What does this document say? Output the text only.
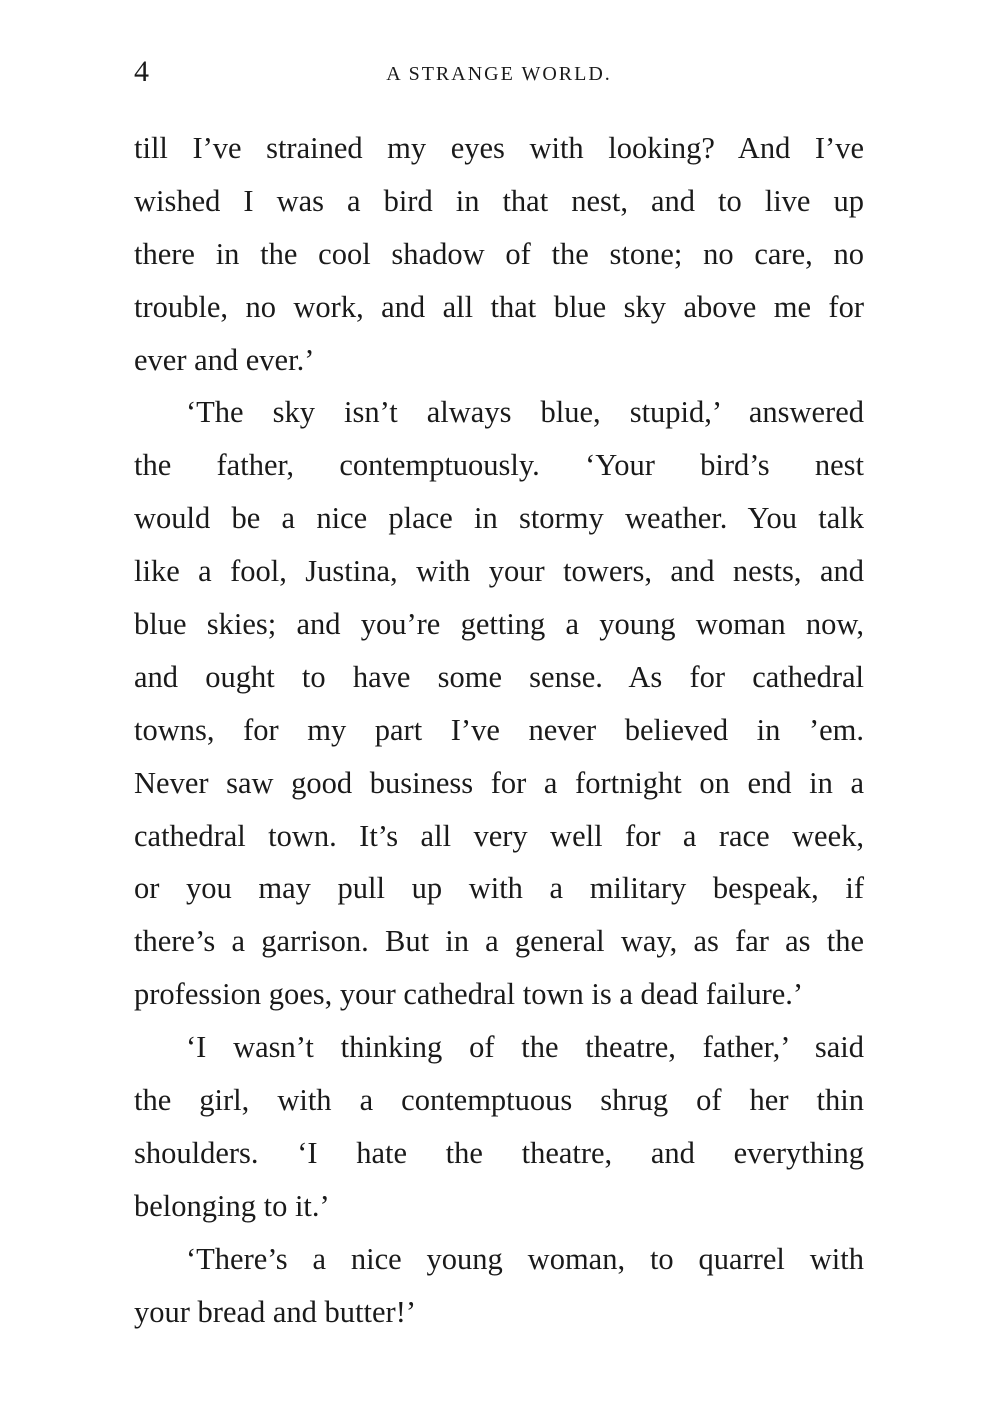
4	A STRANGE WORLD.
till I’ve strained my eyes with looking? And I’ve
wished I was a bird in that nest, and to live up
there in the cool shadow of the stone; no care, no
trouble, no work, and all that blue sky above me for
ever and ever.’
‘The sky isn’t always blue, stupid,’ answered
the father, contemptuously. ‘Your bird’s nest
would be a nice place in stormy weather. You talk
like a fool, Justina, with your towers, and nests, and
blue skies; and you’re getting a young woman now,
and ought to have some sense. As for cathedral
towns, for my part I’ve never believed in ’em.
Never saw good business for a fortnight on end in a
cathedral town. It’s all very well for a race week,
or you may pull up with a military bespeak, if
there’s a garrison. But in a general way, as far as the
profession goes, your cathedral town is a dead failure.’
‘I wasn’t thinking of the theatre, father,’ said
the girl, with a contemptuous shrug of her thin
shoulders. ‘I hate the theatre, and everything
belonging to it.’
‘There’s a nice young woman, to quarrel with
your bread and butter!’
